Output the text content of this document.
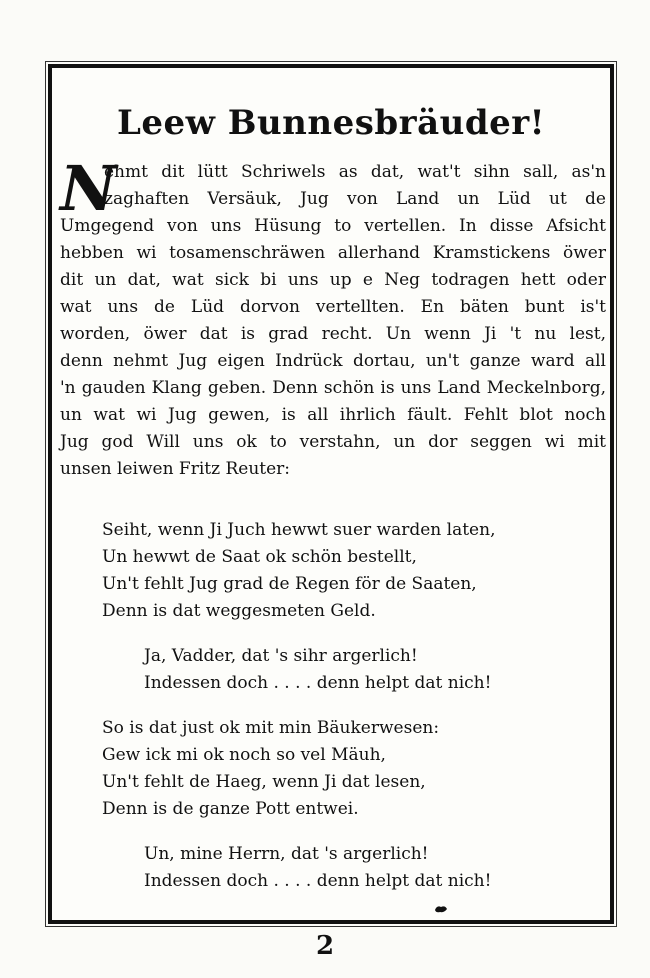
Leew Bunnesbräuder!
N
ehmt dit lütt Schriwels as dat, wat't sihn sall, as'n
zaghaften Versäuk, Jug von Land un Lüd ut de
Umgegend von uns Hüsung to vertellen. In disse Afsicht
hebben wi tosamenschräwen allerhand Kramstickens öwer
dit un dat, wat sick bi uns up e Neg todragen hett oder
wat uns de Lüd dorvon vertellten. En bäten bunt is't
worden, öwer dat is grad recht. Un wenn Ji 't nu lest,
denn nehmt Jug eigen Indrück dortau, un't ganze ward all
'n gauden Klang geben. Denn schön is uns Land Meckelnborg,
un wat wi Jug gewen, is all ihrlich fäult. Fehlt blot noch
Jug god Will uns ok to verstahn, un dor seggen wi mit
unsen leiwen Fritz Reuter:
Seiht, wenn Ji Juch hewwt suer warden laten,
Un hewwt de Saat ok schön bestellt,
Un't fehlt Jug grad de Regen för de Saaten,
Denn is dat weggesmeten Geld.
Ja, Vadder, dat 's sihr argerlich!
Indessen doch . . . . denn helpt dat nich!
So is dat just ok mit min Bäukerwesen:
Gew ick mi ok noch so vel Mäuh,
Un't fehlt de Haeg, wenn Ji dat lesen,
Denn is de ganze Pott entwei.
Un, mine Herrn, dat 's argerlich!
Indessen doch . . . . denn helpt dat nich!
2
